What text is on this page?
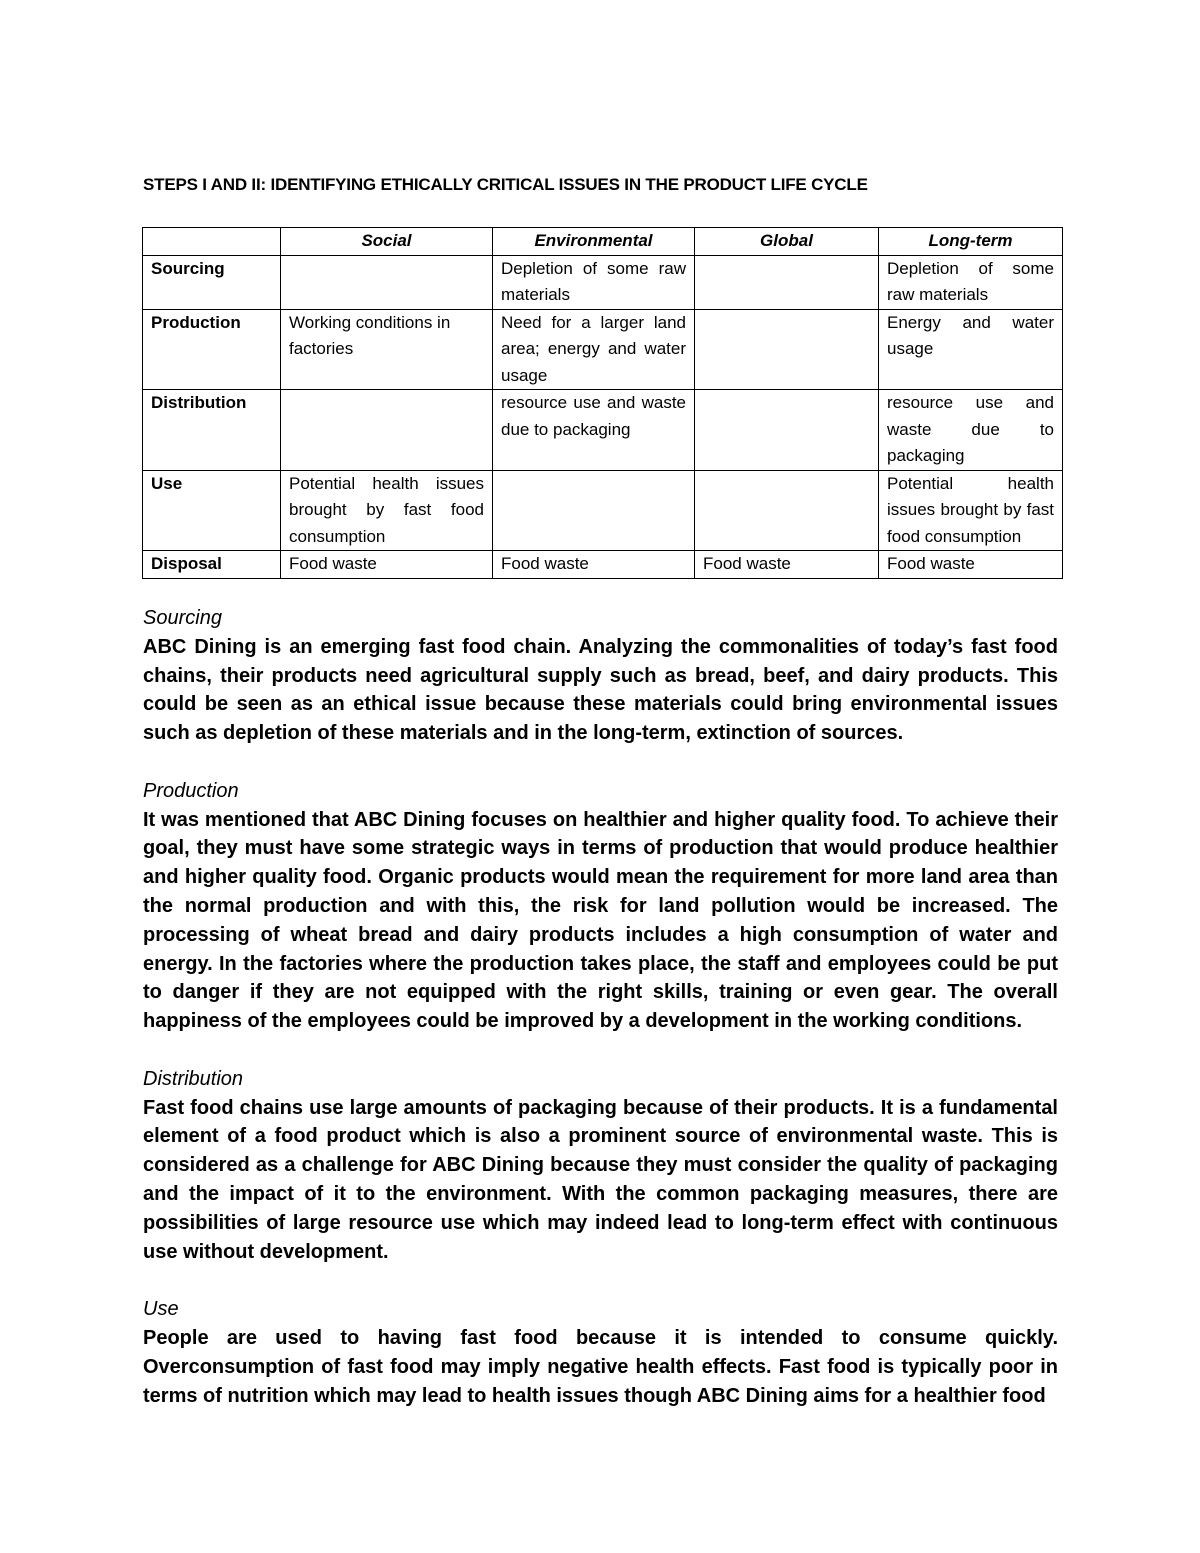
STEPS I AND II: IDENTIFYING ETHICALLY CRITICAL ISSUES IN THE PRODUCT LIFE CYCLE
	Social	Environmental	Global	Long-term
Sourcing		Depletion of some raw materials		Depletion of some raw materials
Production	Working conditions in factories	Need for a larger land area; energy and water usage		Energy and water usage
Distribution		resource use and waste due to packaging		resource use and waste due to packaging
Use	Potential health issues brought by fast food consumption			Potential health issues brought by fast food consumption
Disposal	Food waste	Food waste	Food waste	Food waste
Sourcing

ABC Dining is an emerging fast food chain. Analyzing the commonalities of today’s fast food chains, their products need agricultural supply such as bread, beef, and dairy products. This could be seen as an ethical issue because these materials could bring environmental issues such as depletion of these materials and in the long-term, extinction of sources.

Production

It was mentioned that ABC Dining focuses on healthier and higher quality food. To achieve their goal, they must have some strategic ways in terms of production that would produce healthier and higher quality food. Organic products would mean the requirement for more land area than the normal production and with this, the risk for land pollution would be increased. The processing of wheat bread and dairy products includes a high consumption of water and energy. In the factories where the production takes place, the staff and employees could be put to danger if they are not equipped with the right skills, training or even gear. The overall happiness of the employees could be improved by a development in the working conditions.

Distribution

Fast food chains use large amounts of packaging because of their products. It is a fundamental element of a food product which is also a prominent source of environmental waste. This is considered as a challenge for ABC Dining because they must consider the quality of packaging and the impact of it to the environment. With the common packaging measures, there are possibilities of large resource use which may indeed lead to long-term effect with continuous use without development.

Use

People are used to having fast food because it is intended to consume quickly. Overconsumption of fast food may imply negative health effects. Fast food is typically poor in terms of nutrition which may lead to health issues though ABC Dining aims for a healthier food
